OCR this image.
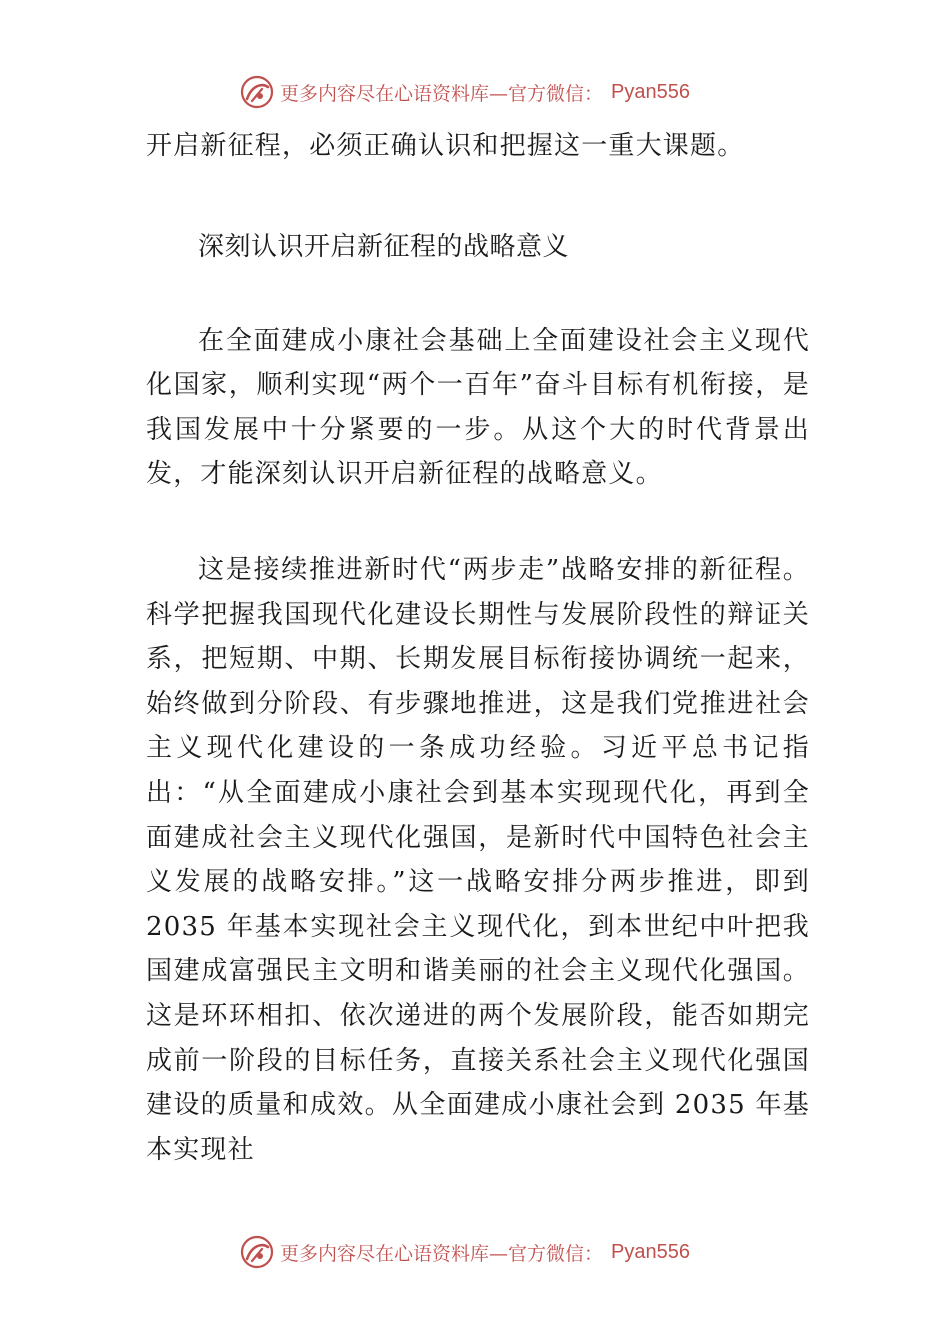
更多内容尽在心语资料库—官方微信： Pyan556

开启新征程，必须正确认识和把握这一重大课题。

深刻认识开启新征程的战略意义

在全面建成小康社会基础上全面建设社会主义现代化国家，顺利实现“两个一百年”奋斗目标有机衔接，是我国发展中十分紧要的一步。从这个大的时代背景出发，才能深刻认识开启新征程的战略意义。

这是接续推进新时代“两步走”战略安排的新征程。科学把握我国现代化建设长期性与发展阶段性的辩证关系，把短期、中期、长期发展目标衔接协调统一起来，始终做到分阶段、有步骤地推进，这是我们党推进社会主义现代化建设的一条成功经验。习近平总书记指出：“从全面建成小康社会到基本实现现代化，再到全面建成社会主义现代化强国，是新时代中国特色社会主义发展的战略安排。”这一战略安排分两步推进，即到 2035 年基本实现社会主义现代化，到本世纪中叶把我国建成富强民主文明和谐美丽的社会主义现代化强国。这是环环相扣、依次递进的两个发展阶段，能否如期完成前一阶段的目标任务，直接关系社会主义现代化强国建设的质量和成效。从全面建成小康社会到 2035 年基本实现社

更多内容尽在心语资料库—官方微信： Pyan556
